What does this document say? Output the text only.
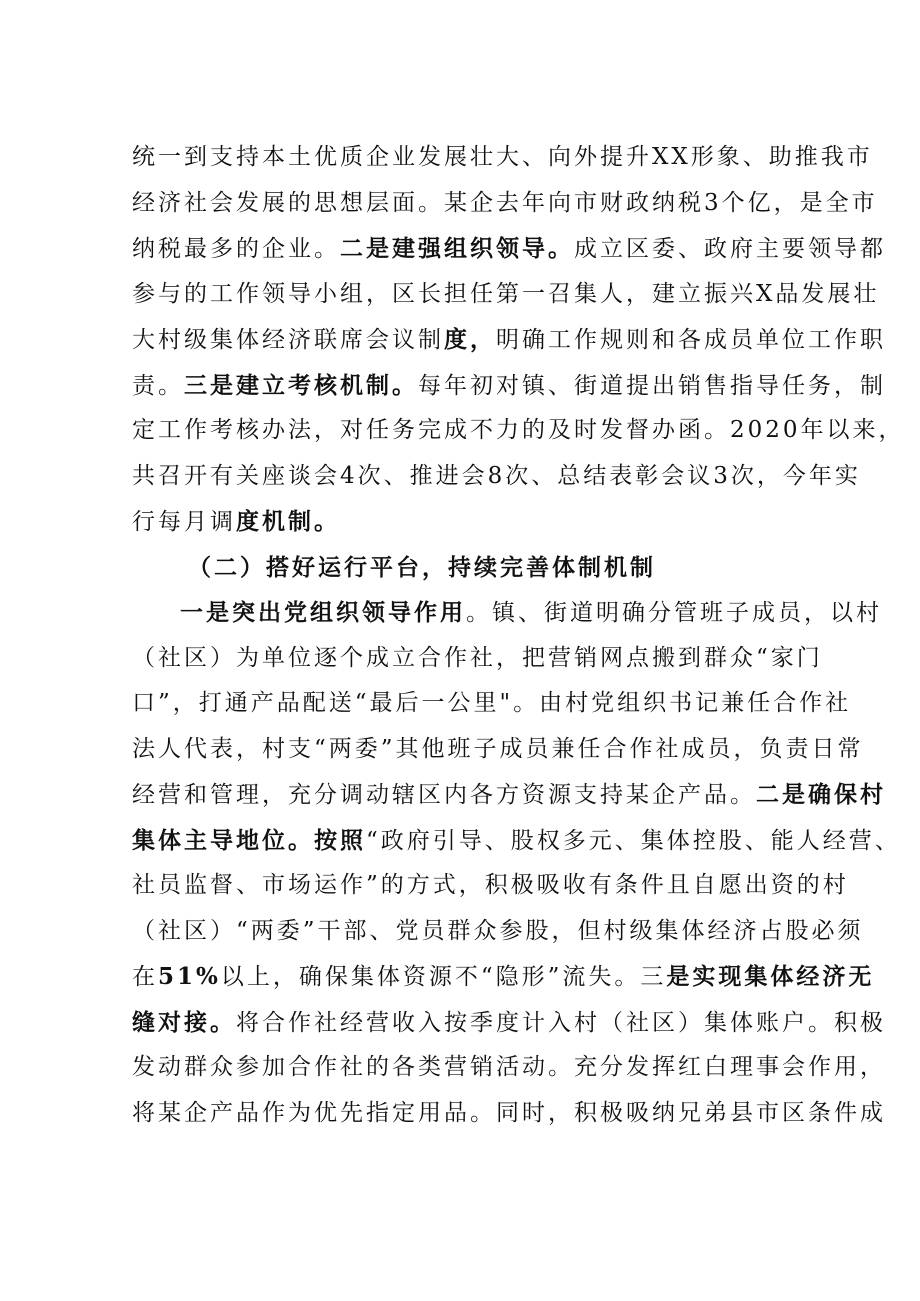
统一到支持本土优质企业发展壮大、向外提升XX形象、助推我市
经济社会发展的思想层面。某企去年向市财政纳税3个亿，是全市
纳税最多的企业。二是建强组织领导。成立区委、政府主要领导都
参与的工作领导小组，区长担任第一召集人，建立振兴X品发展壮
大村级集体经济联席会议制度，明确工作规则和各成员单位工作职
责。三是建立考核机制。每年初对镇、街道提出销售指导任务，制
定工作考核办法，对任务完成不力的及时发督办函。2020年以来，
共召开有关座谈会4次、推进会8次、总结表彰会议3次，今年实
行每月调度机制。
（二）搭好运行平台，持续完善体制机制
一是突出党组织领导作用。镇、街道明确分管班子成员，以村
（社区）为单位逐个成立合作社，把营销网点搬到群众“家门
口”，打通产品配送“最后一公里"。由村党组织书记兼任合作社
法人代表，村支“两委”其他班子成员兼任合作社成员，负责日常
经营和管理，充分调动辖区内各方资源支持某企产品。二是确保村
集体主导地位。按照“政府引导、股权多元、集体控股、能人经营、
社员监督、市场运作”的方式，积极吸收有条件且自愿出资的村
（社区）“两委”干部、党员群众参股，但村级集体经济占股必须
在51%以上，确保集体资源不“隐形”流失。三是实现集体经济无
缝对接。将合作社经营收入按季度计入村（社区）集体账户。积极
发动群众参加合作社的各类营销活动。充分发挥红白理事会作用，
将某企产品作为优先指定用品。同时，积极吸纳兄弟县市区条件成
